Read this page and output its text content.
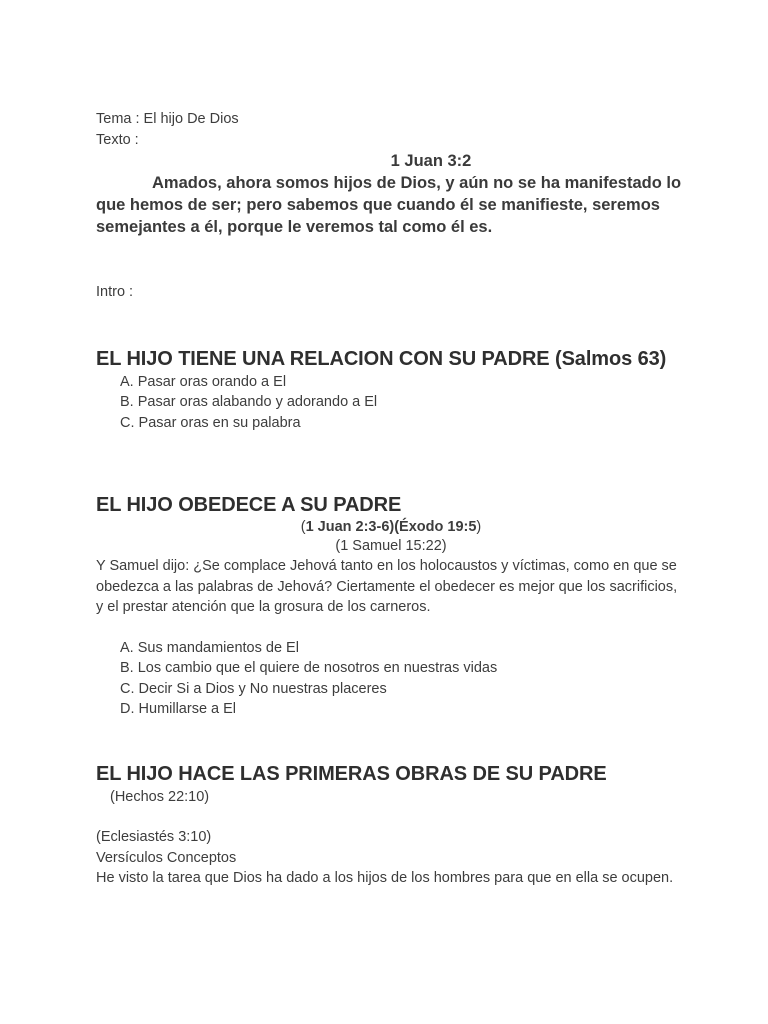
Tema : El hijo De Dios
Texto :
1 Juan 3:2
Amados, ahora somos hijos de Dios, y aún no se ha manifestado lo que hemos de ser; pero sabemos que cuando él se manifieste, seremos semejantes a él, porque le veremos tal como él es.
Intro :
EL HIJO TIENE UNA RELACION CON SU PADRE (Salmos 63)
A. Pasar oras orando a El
B. Pasar oras alabando y adorando a El
C. Pasar oras en su palabra
EL HIJO OBEDECE A SU PADRE
(1 Juan 2:3-6)(Éxodo 19:5)
(1 Samuel 15:22)
Y Samuel dijo: ¿Se complace Jehová tanto en los holocaustos y víctimas, como en que se obedezca a las palabras de Jehová? Ciertamente el obedecer es mejor que los sacrificios, y el prestar atención que la grosura de los carneros.
A. Sus mandamientos de El
B. Los cambio que el quiere de nosotros en nuestras vidas
C. Decir Si a Dios y No nuestras placeres
D. Humillarse a El
EL HIJO HACE LAS PRIMERAS OBRAS DE SU PADRE
(Hechos 22:10)
(Eclesiastés 3:10)
Versículos Conceptos
He visto la tarea que Dios ha dado a los hijos de los hombres para que en ella se ocupen.
